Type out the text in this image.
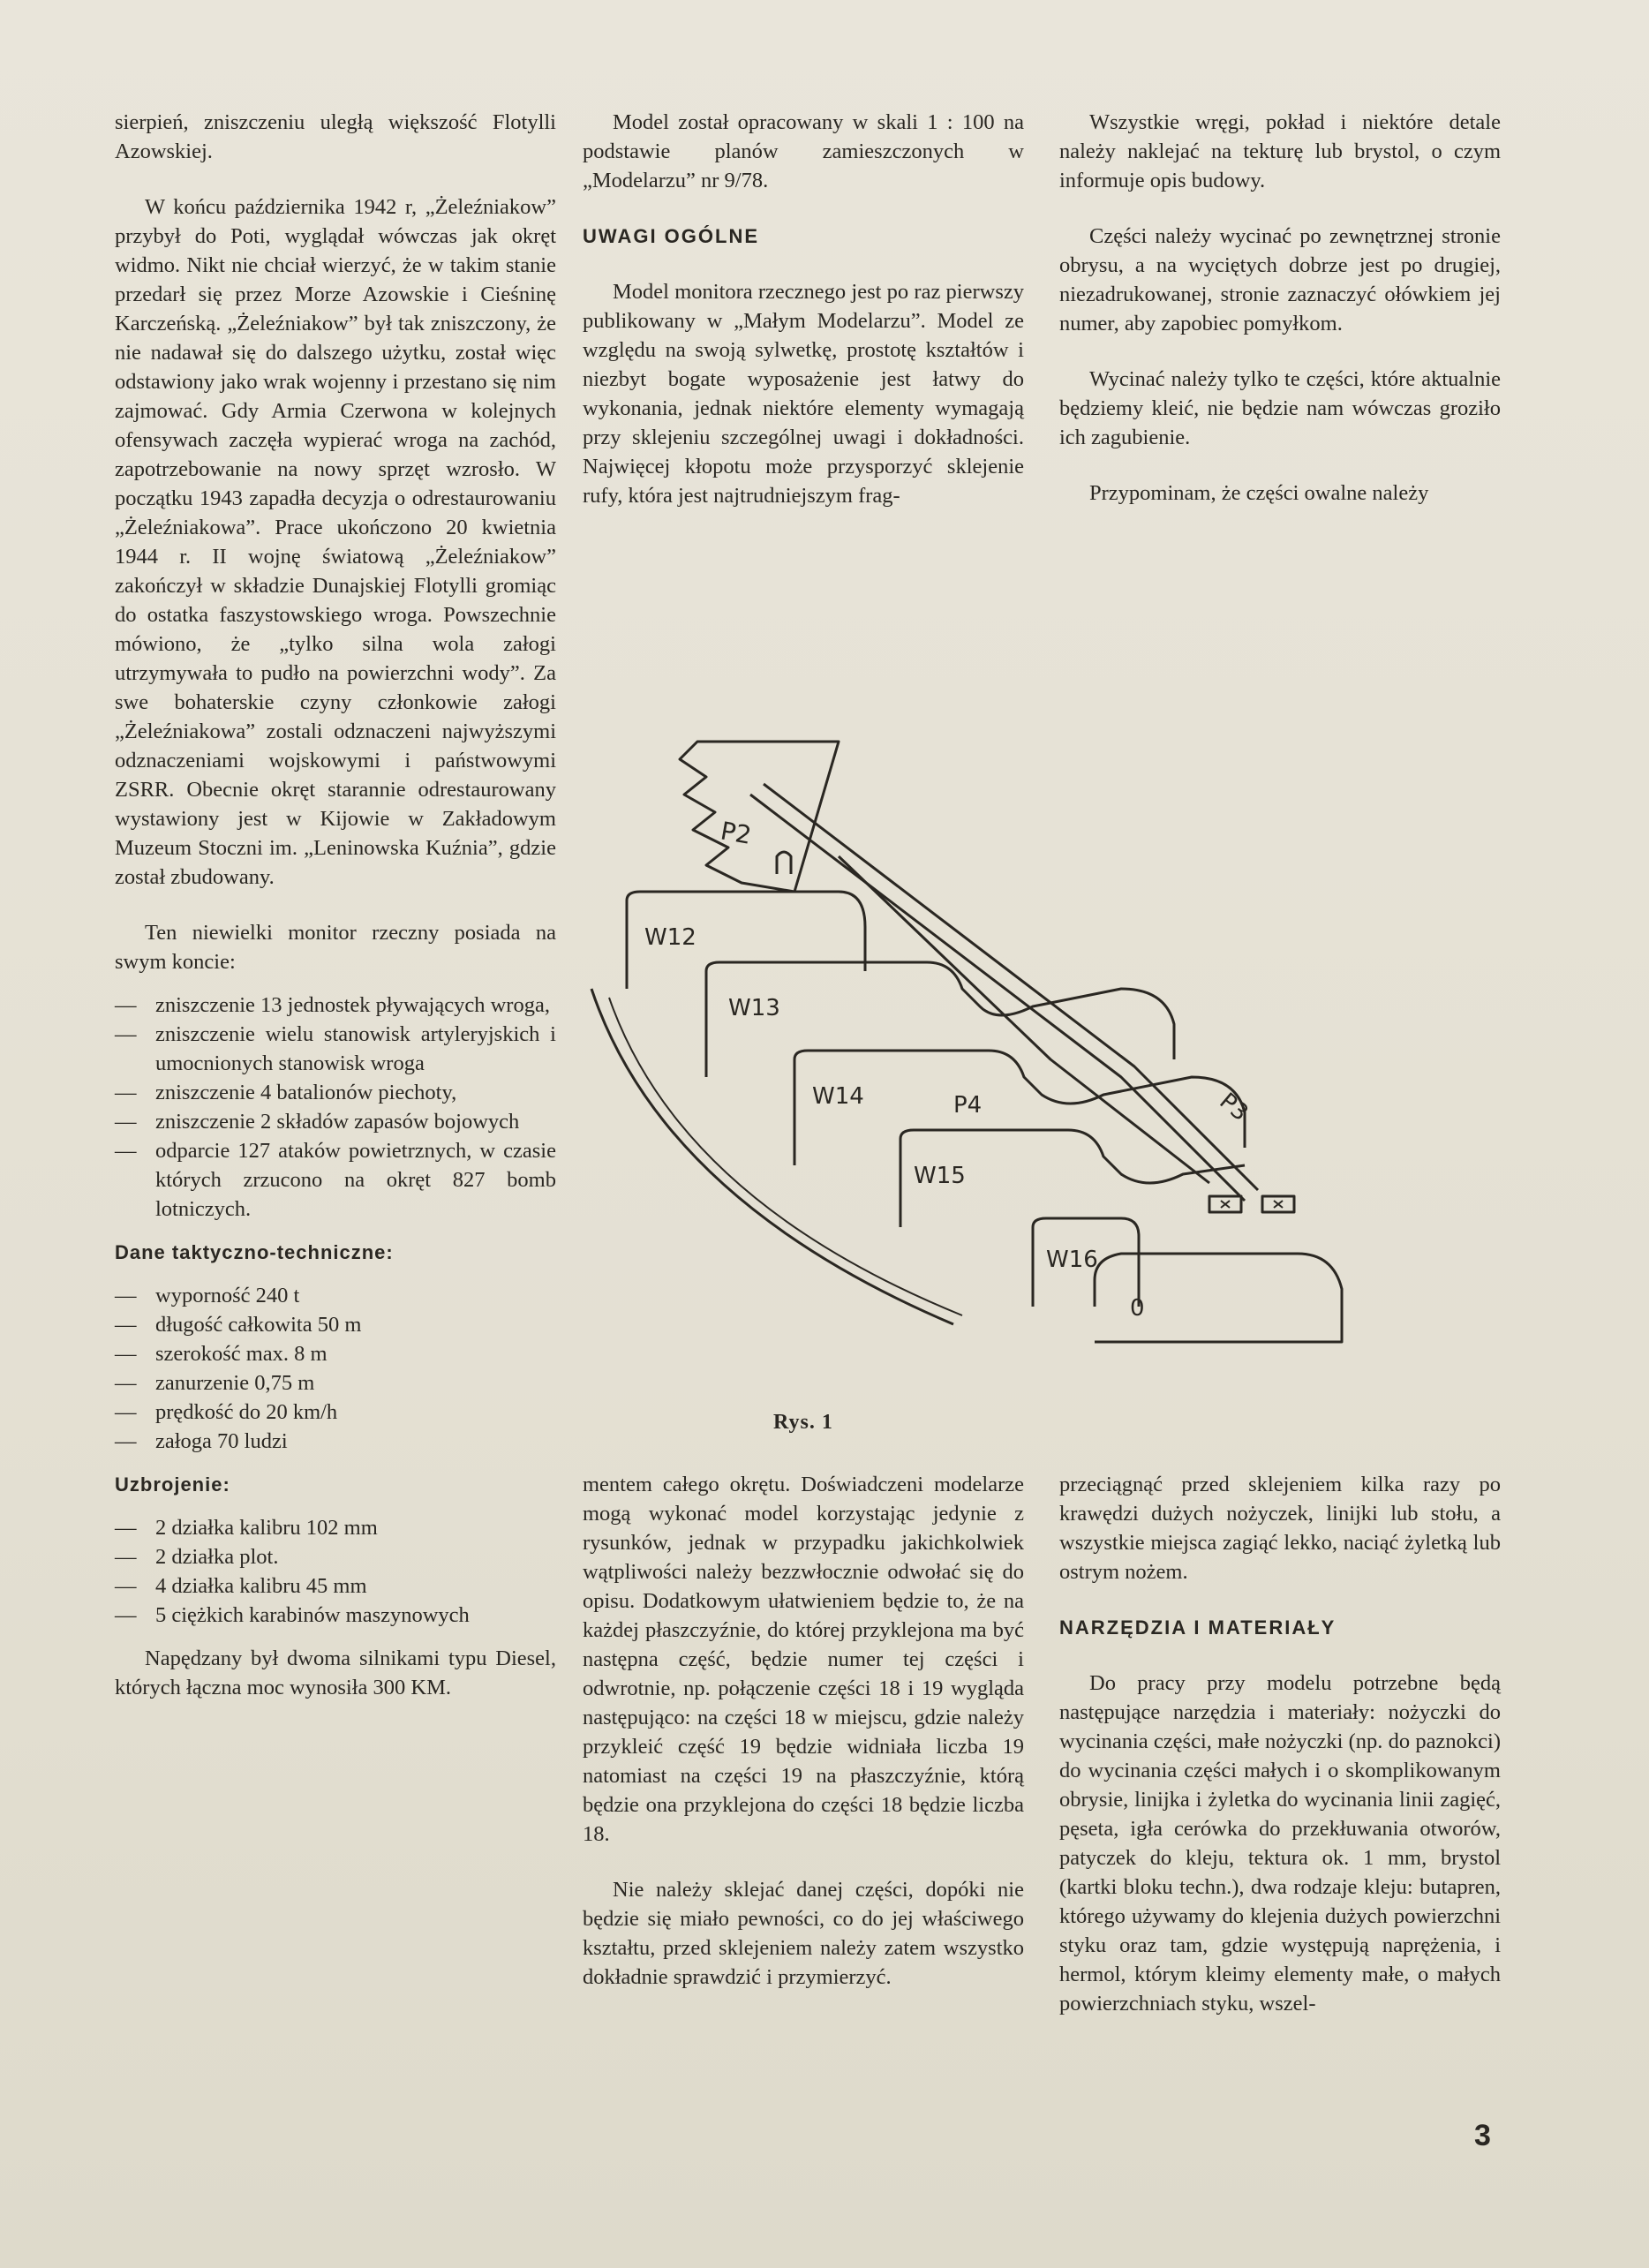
sierpień, zniszczeniu uległą większość Flotylli Azowskiej.

W końcu października 1942 r, „Żeleźniakow” przybył do Poti, wyglądał wówczas jak okręt widmo. Nikt nie chciał wierzyć, że w takim stanie przedarł się przez Morze Azowskie i Cieśninę Karczeńską. „Żeleźniakow” był tak zniszczony, że nie nadawał się do dalszego użytku, został więc odstawiony jako wrak wojenny i przestano się nim zajmować. Gdy Armia Czerwona w kolejnych ofensywach zaczęła wypierać wroga na zachód, zapotrzebowanie na nowy sprzęt wzrosło. W początku 1943 zapadła decyzja o odrestaurowaniu „Żeleźniakowa”. Prace ukończono 20 kwietnia 1944 r. II wojnę światową „Żeleźniakow” zakończył w składzie Dunajskiej Flotylli gromiąc do ostatka faszystowskiego wroga. Powszechnie mówiono, że „tylko silna wola załogi utrzymywała to pudło na powierzchni wody”. Za swe bohaterskie czyny członkowie załogi „Żeleźniakowa” zostali odznaczeni najwyższymi odznaczeniami wojskowymi i państwowymi ZSRR. Obecnie okręt starannie odrestaurowany wystawiony jest w Kijowie w Zakładowym Muzeum Stoczni im. „Leninowska Kuźnia”, gdzie został zbudowany.

Ten niewielki monitor rzeczny posiada na swym koncie:

— zniszczenie 13 jednostek pływających wroga,

— zniszczenie wielu stanowisk artyleryjskich i umocnionych stanowisk wroga

— zniszczenie 4 batalionów piechoty,

— zniszczenie 2 składów zapasów bojowych

— odparcie 127 ataków powietrznych, w czasie których zrzucono na okręt 827 bomb lotniczych.

Dane taktyczno-techniczne:

— wyporność 240 t

— długość całkowita 50 m

— szerokość max. 8 m

— zanurzenie 0,75 m

— prędkość do 20 km/h

— załoga 70 ludzi

Uzbrojenie:

— 2 działka kalibru 102 mm

— 2 działka plot.

— 4 działka kalibru 45 mm

— 5 ciężkich karabinów maszynowych

Napędzany był dwoma silnikami typu Diesel, których łączna moc wynosiła 300 KM.

Model został opracowany w skali 1 : 100 na podstawie planów zamieszczonych w „Modelarzu” nr 9/78.

UWAGI OGÓLNE

Model monitora rzecznego jest po raz pierwszy publikowany w „Małym Modelarzu”. Model ze względu na swoją sylwetkę, prostotę kształtów i niezbyt bogate wyposażenie jest łatwy do wykonania, jednak niektóre elementy wymagają przy sklejeniu szczególnej uwagi i dokładności. Najwięcej kłopotu może przysporzyć sklejenie rufy, która jest najtrudniejszym frag-

Wszystkie wręgi, pokład i niektóre detale należy naklejać na tekturę lub brystol, o czym informuje opis budowy.

Części należy wycinać po zewnętrznej stronie obrysu, a na wyciętych dobrze jest po drugiej, niezadrukowanej, stronie zaznaczyć ołówkiem jej numer, aby zapobiec pomyłkom.

Wycinać należy tylko te części, które aktualnie będziemy kleić, nie będzie nam wówczas groziło ich zagubienie.

Przypominam, że części owalne należy

P2
W12
W13
W14	P4	P3
W15
W16
0
Rys. 1

mentem całego okrętu. Doświadczeni modelarze mogą wykonać model korzystając jedynie z rysunków, jednak w przypadku jakichkolwiek wątpliwości należy bezzwłocznie odwołać się do opisu. Dodatkowym ułatwieniem będzie to, że na każdej płaszczyźnie, do której przyklejona ma być następna część, będzie numer tej części i odwrotnie, np. połączenie części 18 i 19 wygląda następująco: na części 18 w miejscu, gdzie należy przykleić część 19 będzie widniała liczba 19 natomiast na części 19 na płaszczyźnie, którą będzie ona przyklejona do części 18 będzie liczba 18.

Nie należy sklejać danej części, dopóki nie będzie się miało pewności, co do jej właściwego kształtu, przed sklejeniem należy zatem wszystko dokładnie sprawdzić i przymierzyć.

przeciągnąć przed sklejeniem kilka razy po krawędzi dużych nożyczek, linijki lub stołu, a wszystkie miejsca zagiąć lekko, naciąć żyletką lub ostrym nożem.

NARZĘDZIA I MATERIAŁY

Do pracy przy modelu potrzebne będą następujące narzędzia i materiały: nożyczki do wycinania części, małe nożyczki (np. do paznokci) do wycinania części małych i o skomplikowanym obrysie, linijka i żyletka do wycinania linii zagięć, pęseta, igła cerówka do przekłuwania otworów, patyczek do kleju, tektura ok. 1 mm, brystol (kartki bloku techn.), dwa rodzaje kleju: butapren, którego używamy do klejenia dużych powierzchni styku oraz tam, gdzie występują naprężenia, i hermol, którym kleimy elementy małe, o małych powierzchniach styku, wszel-

3
